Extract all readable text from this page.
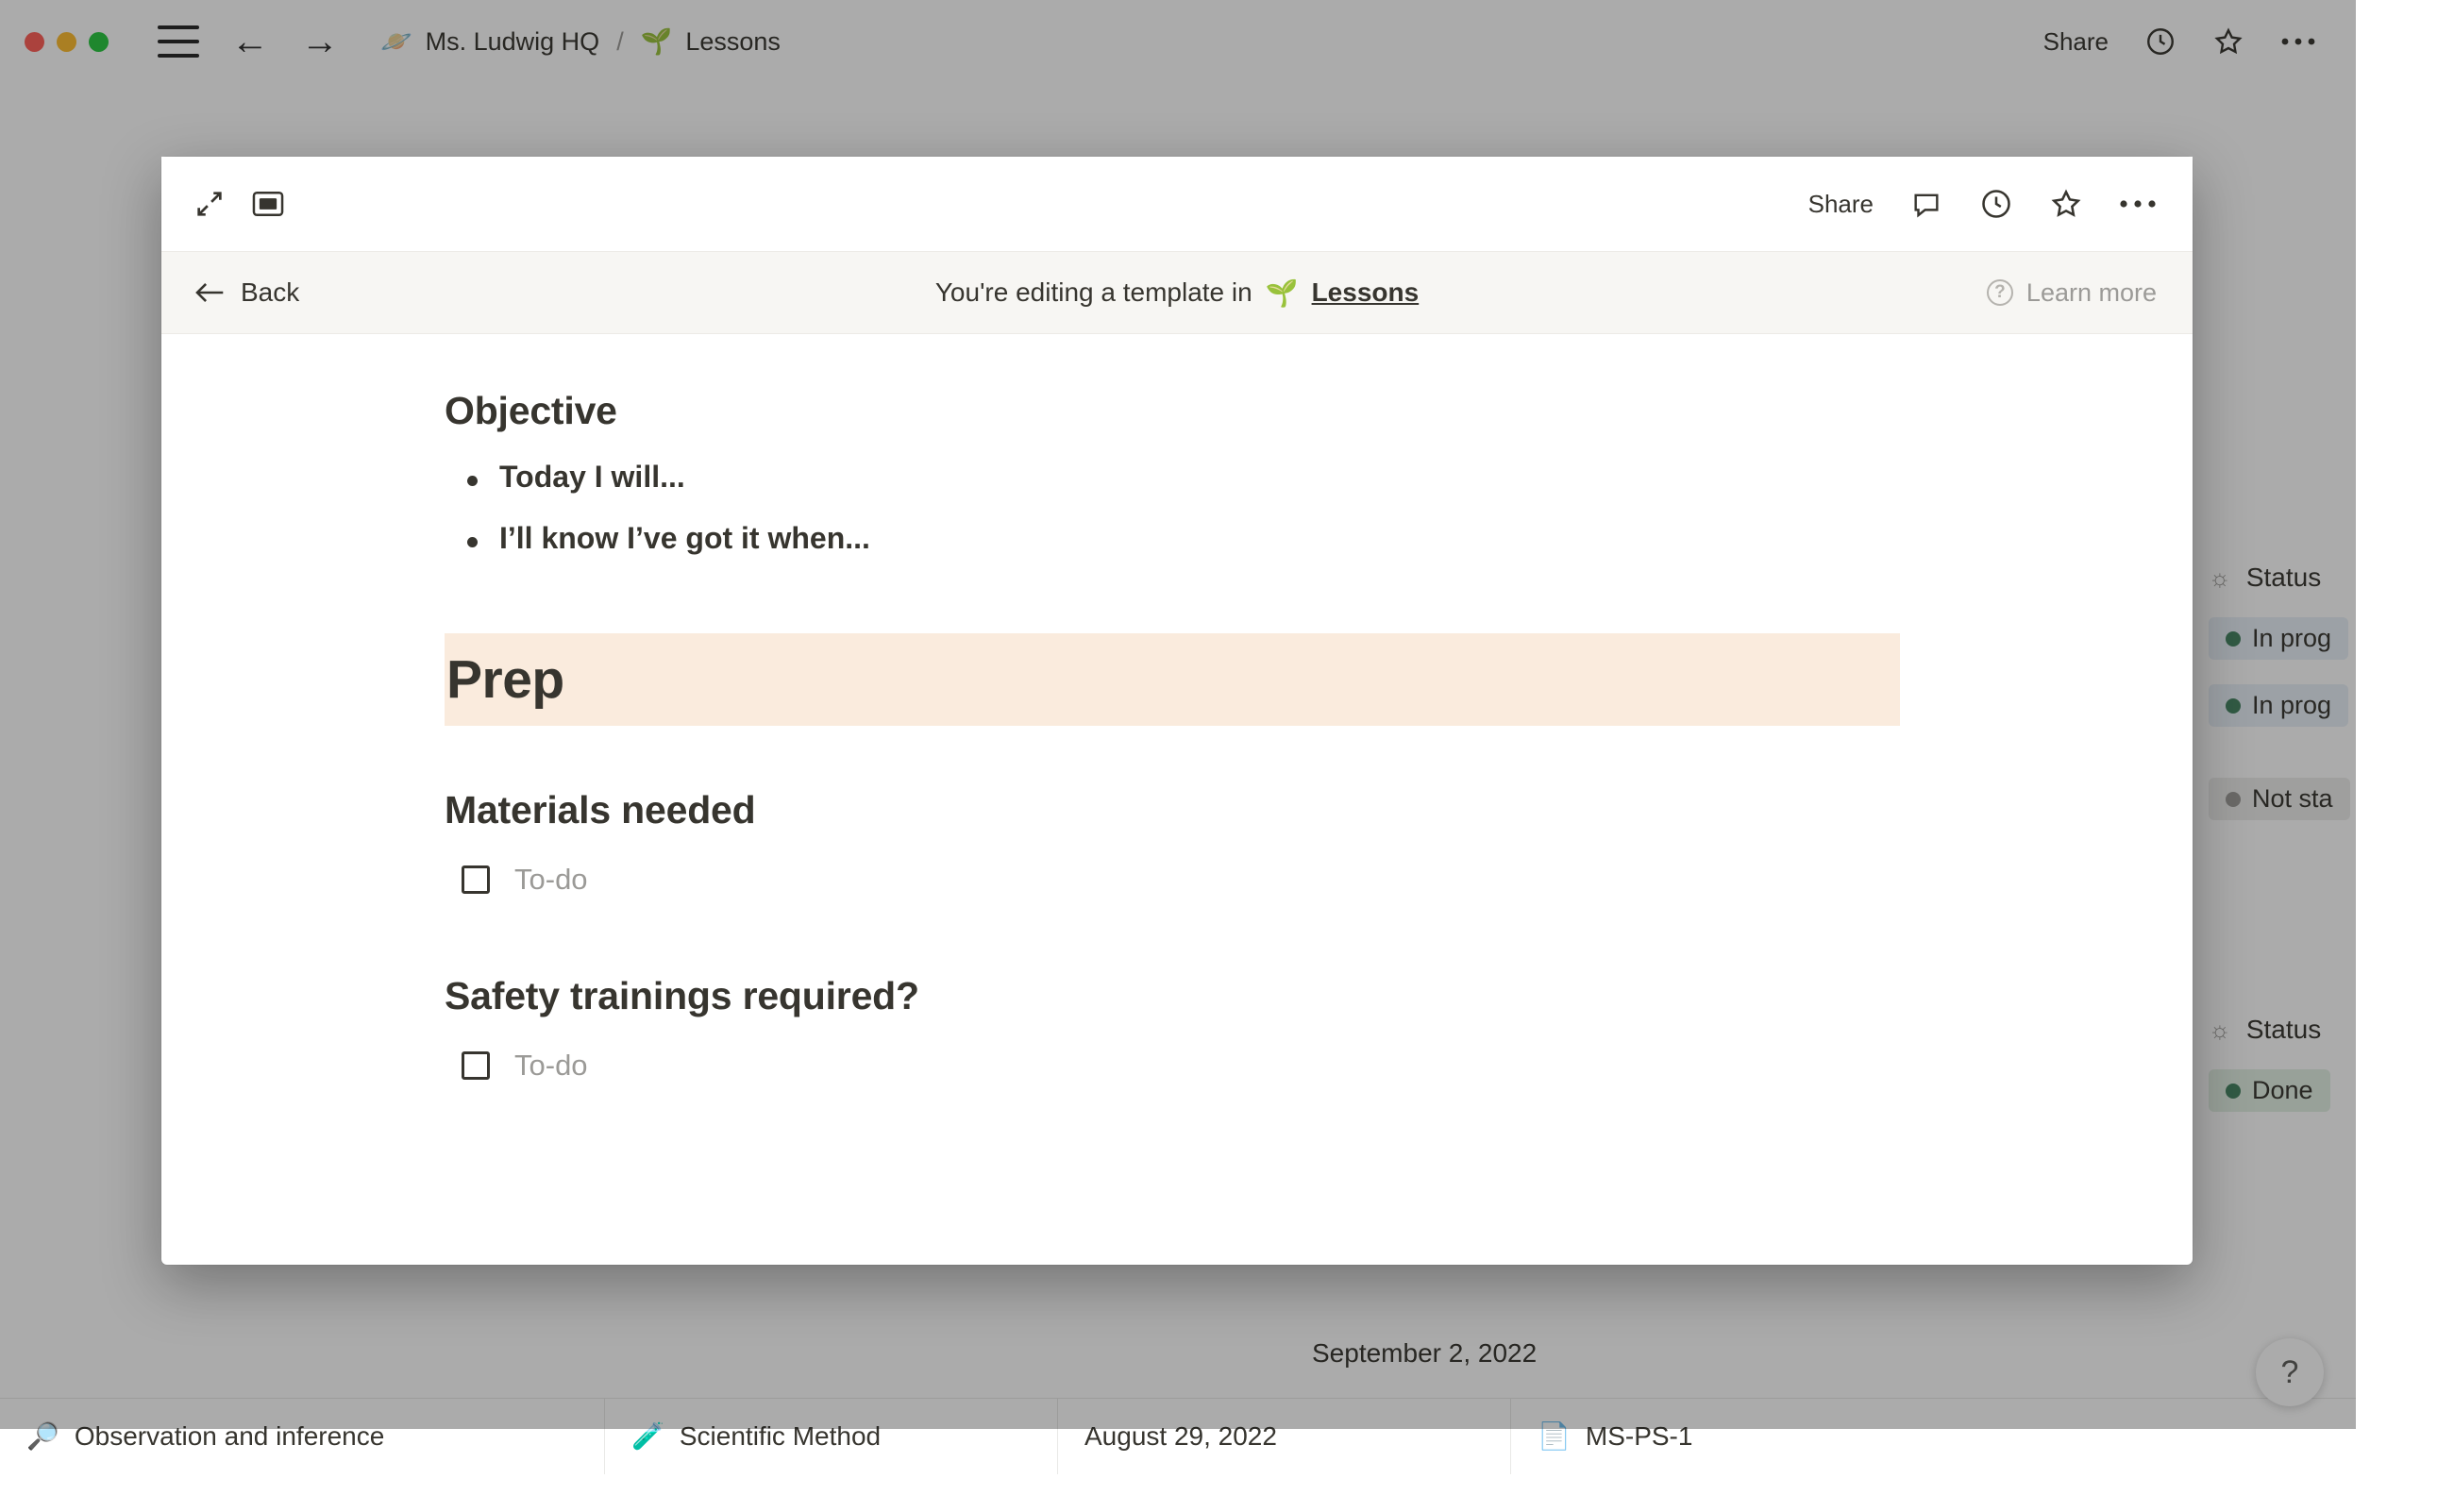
← → 🪐 Ms. Ludwig HQ / 🌱 Lessons	Share
☼ Status
In prog

In prog

Not sta
☼ Status
Done
September 2, 2022
🔎 Observation and inference	🧪 Scientific Method	August 29, 2022	📄 MS-PS-1
?
Share
Back	You're editing a template in 🌱 Lessons	? Learn more
Objective
Today I will...
I’ll know I’ve got it when...
Prep
Materials needed
To-do
Safety trainings required?
To-do
